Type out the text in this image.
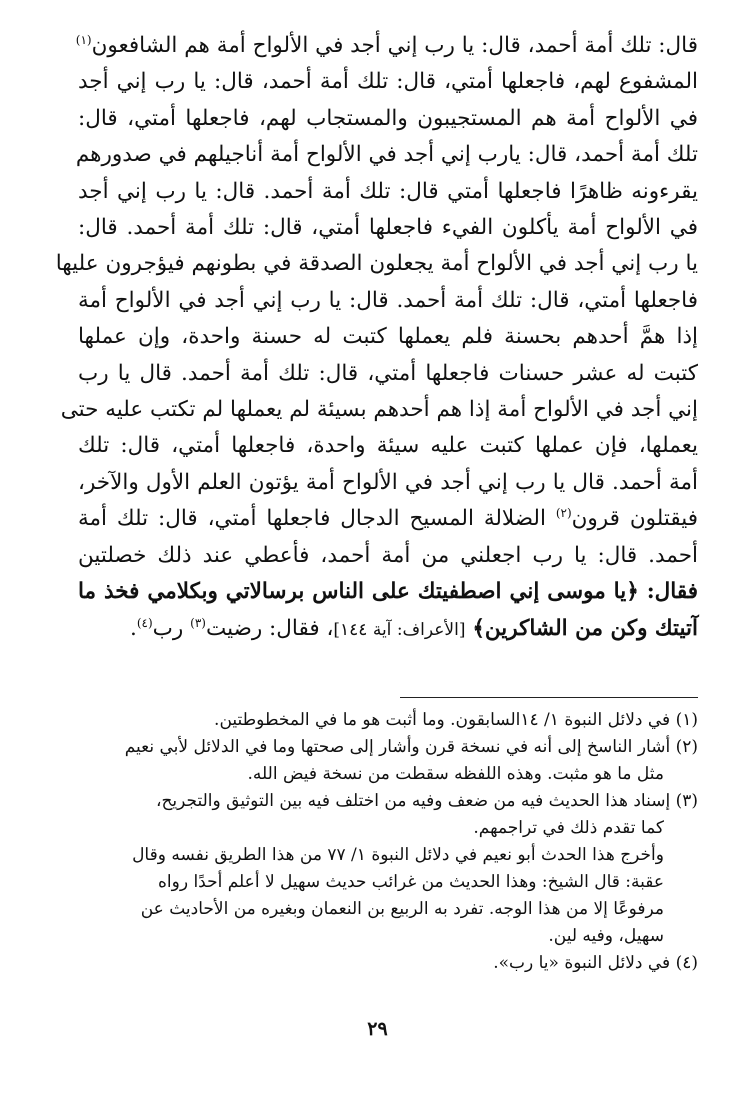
قال: تلك أمة أحمد، قال: يا رب إني أجد في الألواح أمة هم الشافعون$^{(١)}$
المشفوع لهم، فاجعلها أمتي، قال: تلك أمة أحمد، قال: يا رب إني أجد
في الألواح أمة هم المستجيبون والمستجاب لهم، فاجعلها أمتي، قال:
تلك أمة أحمد، قال: يارب إني أجد في الألواح أمة أناجيلهم في صدورهم
يقرءونه ظاهرًا فاجعلها أمتي قال: تلك أمة أحمد. قال: يا رب إني أجد
في الألواح أمة يأكلون الفيء فاجعلها أمتي، قال: تلك أمة أحمد. قال:
يا رب إني أجد في الألواح أمة يجعلون الصدقة في بطونهم فيؤجرون عليها
فاجعلها أمتي، قال: تلك أمة أحمد. قال: يا رب إني أجد في الألواح أمة
إذا همَّ أحدهم بحسنة فلم يعملها كتبت له حسنة واحدة، وإن عملها
كتبت له عشر حسنات فاجعلها أمتي، قال: تلك أمة أحمد. قال يا رب
إني أجد في الألواح أمة إذا هم أحدهم بسيئة لم يعملها لم تكتب عليه حتى
يعملها، فإن عملها كتبت عليه سيئة واحدة، فاجعلها أمتي، قال: تلك
أمة أحمد. قال يا رب إني أجد في الألواح أمة يؤتون العلم الأول والآخر،
فيقتلون قرون$^{(٢)}$ الضلالة المسيح الدجال فاجعلها أمتي، قال: تلك أمة
أحمد. قال: يا رب اجعلني من أمة أحمد، فأعطي عند ذلك خصلتين
فقال: ﴿يا موسى إني اصطفيتك على الناس برسالاتي وبكلامي فخذ ما
آتيتك وكن من الشاكرين﴾ [الأعراف: آية ١٤٤]، فقال: رضيت$^{(٣)}$ رب$^{(٤)}$.
(١) في دلائل النبوة ١/ ١٤السابقون. وما أثبت هو ما في المخطوطتين.
(٢) أشار الناسخ إلى أنه في نسخة قرن وأشار إلى صحتها وما في الدلائل لأبي نعيم
مثل ما هو مثبت. وهذه اللفظه سقطت من نسخة فيض الله.
(٣) إسناد هذا الحديث فيه من ضعف وفيه من اختلف فيه بين التوثيق والتجريح،
كما تقدم ذلك في تراجمهم.
وأخرج هذا الحدث أبو نعيم في دلائل النبوة ١/ ٧٧ من هذا الطريق نفسه وقال
عقبة: قال الشيخ: وهذا الحديث من غرائب حديث سهيل لا أعلم أحدًا رواه
مرفوعًا إلا من هذا الوجه. تفرد به الربيع بن النعمان وبغيره من الأحاديث عن
سهيل، وفيه لين.
(٤) في دلائل النبوة «يا رب».
٢٩
